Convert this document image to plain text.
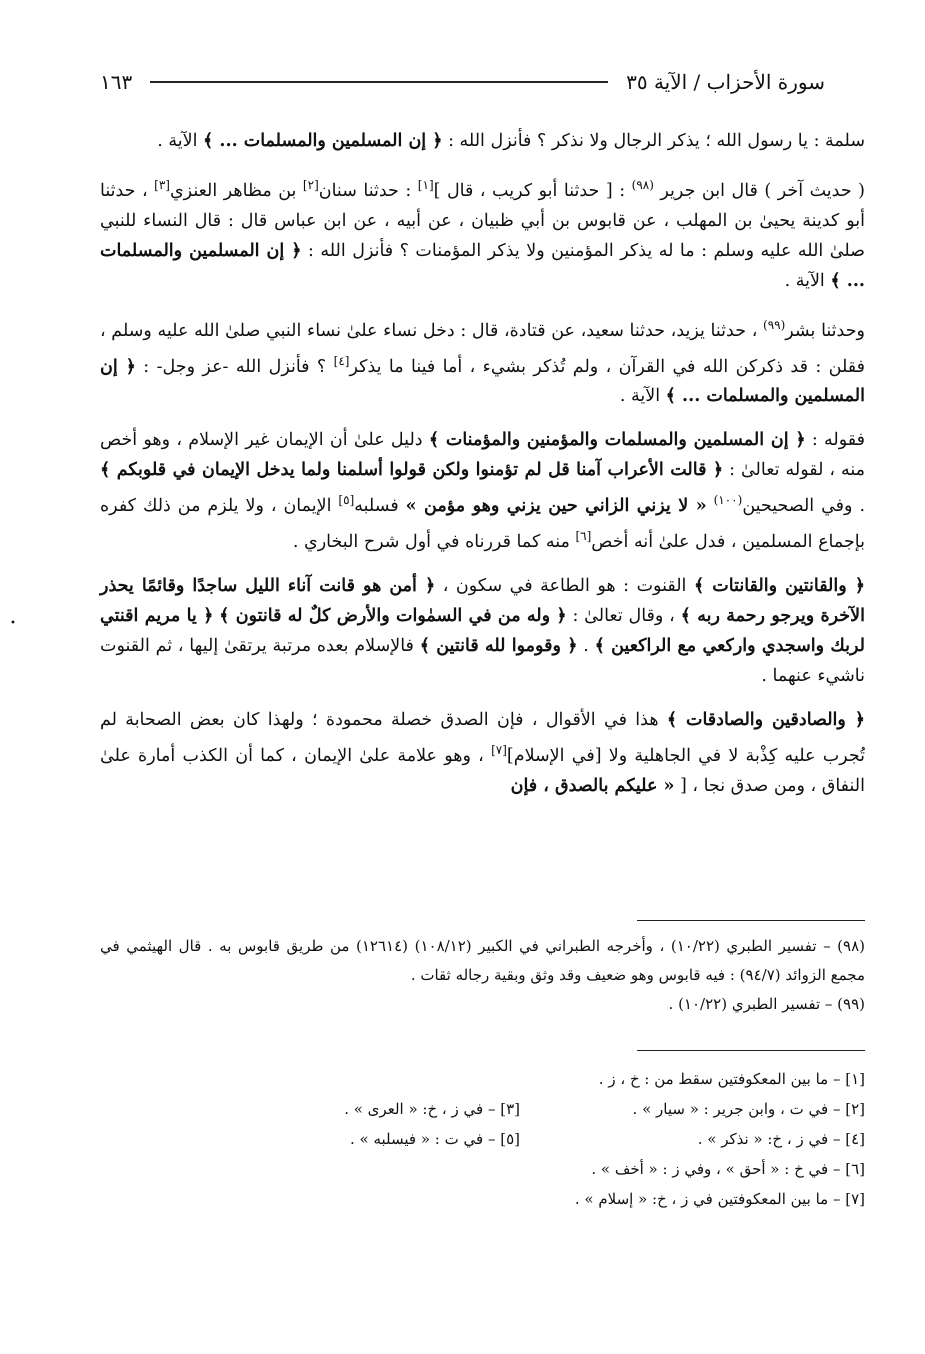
سورة الأحزاب / الآية ٣٥
١٦٣
سلمة : يا رسول الله ؛ يذكر الرجال ولا نذكر ؟ فأنزل الله : ﴿ إن المسلمين والمسلمات ... ﴾ الآية .
( حديث آخر ) قال ابن جرير $^{(٩٨)}$ : [ حدثنا أبو كريب ، قال ][١] : حدثنا سنان[٢] بن مظاهر العنزي[٣] ، حدثنا أبو كدينة يحيىٰ بن المهلب ، عن قابوس بن أبي ظبيان ، عن أبيه ، عن ابن عباس قال : قال النساء للنبي صلىٰ الله عليه وسلم : ما له يذكر المؤمنين ولا يذكر المؤمنات ؟ فأنزل الله : ﴿ إن المسلمين والمسلمات ... ﴾ الآية .
وحدثنا بشر$^{(٩٩)}$ ، حدثنا يزيد، حدثنا سعيد، عن قتادة، قال : دخل نساء علىٰ نساء النبي صلىٰ الله عليه وسلم ، فقلن : قد ذكركن الله في القرآن ، ولم تُذكر بشيء ، أما فينا ما يذكر[٤] ؟ فأنزل الله -عز وجل- : ﴿ إن المسلمين والمسلمات ... ﴾ الآية .
فقوله : ﴿ إن المسلمين والمسلمات والمؤمنين والمؤمنات ﴾ دليل علىٰ أن الإيمان غير الإسلام ، وهو أخص منه ، لقوله تعالىٰ : ﴿ قالت الأعراب آمنا قل لم تؤمنوا ولكن قولوا أسلمنا ولما يدخل الإيمان في قلوبكم ﴾ . وفي الصحيحين$^{(١٠٠)}$ « لا يزني الزاني حين يزني وهو مؤمن » فسلبه[٥] الإيمان ، ولا يلزم من ذلك كفره بإجماع المسلمين ، فدل علىٰ أنه أخص[٦] منه كما قررناه في أول شرح البخاري .
﴿ والقانتين والقانتات ﴾ القنوت : هو الطاعة في سكون ، ﴿ أمن هو قانت آناء الليل ساجدًا وقائمًا يحذر الآخرة ويرجو رحمة ربه ﴾ ، وقال تعالىٰ : ﴿ وله من في السمٰوات والأرض كلٌ له قانتون ﴾ ﴿ يا مريم اقنتي لربك واسجدي واركعي مع الراكعين ﴾ . ﴿ وقوموا لله قانتين ﴾ فالإسلام بعده مرتبة يرتقىٰ إليها ، ثم القنوت ناشيء عنهما .
﴿ والصادقين والصادقات ﴾ هذا في الأقوال ، فإن الصدق خصلة محمودة ؛ ولهذا كان بعض الصحابة لم تُجرب عليه كِذْبة لا في الجاهلية ولا [في الإسلام][٧] ، وهو علامة علىٰ الإيمان ، كما أن الكذب أمارة علىٰ النفاق ، ومن صدق نجا ، [ « عليكم بالصدق ، فإن
(٩٨) – تفسير الطبري (١٠/٢٢) ، وأخرجه الطبراني في الكبير (١٠٨/١٢) (١٢٦١٤) من طريق قابوس به . قال الهيثمي في مجمع الزوائد (٩٤/٧) : فيه قابوس وهو ضعيف وقد وثق وبقية رجاله ثقات .
(٩٩) – تفسير الطبري (١٠/٢٢) .
[١] – ما بين المعكوفتين سقط من : خ ، ز .
[٢] – في ت ، وابن جرير : « سيار » .
[٣] – في ز ، خ: « العرى » .
[٤] – في ز ، خ: « نذكر » .
[٥] – في ت : « فيسلبه » .
[٦] – في خ : « أحق » ، وفي ز : « أخف » .
[٧] – ما بين المعكوفتين في ز ، خ: « إسلام » .
•
